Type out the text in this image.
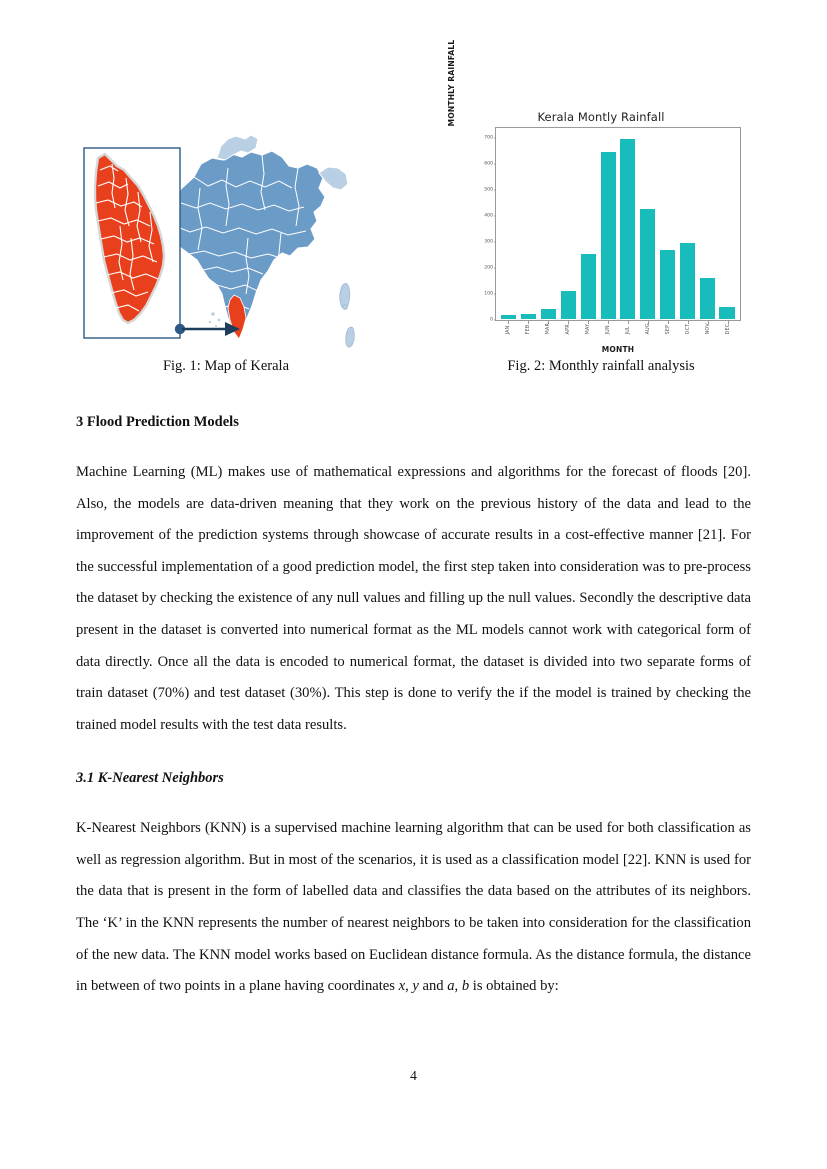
Kerala Montly Rainfall
MONTHLY RAINFALL
0
100
200
300
400
500
600
700
JAN	FEB	MAR	APR	MAY	JUN	JUL	AUG	SEP	OCT	NOV	DEC
MONTH
Fig. 1: Map of Kerala	Fig. 2: Monthly rainfall analysis
3 Flood Prediction Models

Machine Learning (ML) makes use of mathematical expressions and algorithms for the forecast of floods [20]. Also, the models are data-driven meaning that they work on the previous history of the data and lead to the improvement of the prediction systems through showcase of accurate results in a cost-effective manner [21]. For the successful implementation of a good prediction model, the first step taken into consideration was to pre-process the dataset by checking the existence of any null values and filling up the null values. Secondly the descriptive data present in the dataset is converted into numerical format as the ML models cannot work with categorical form of data directly. Once all the data is encoded to numerical format, the dataset is divided into two separate forms of train dataset (70%) and test dataset (30%). This step is done to verify the if the model is trained by checking the trained model results with the test data results.

3.1 K-Nearest Neighbors

K-Nearest Neighbors (KNN) is a supervised machine learning algorithm that can be used for both classification as well as regression algorithm. But in most of the scenarios, it is used as a classification model [22]. KNN is used for the data that is present in the form of labelled data and classifies the data based on the attributes of its neighbors. The ‘K’ in the KNN represents the number of nearest neighbors to be taken into consideration for the classification of the new data. The KNN model works based on Euclidean distance formula. As the distance formula, the distance in between of two points in a plane having coordinates x, y and a, b is obtained by:

4
